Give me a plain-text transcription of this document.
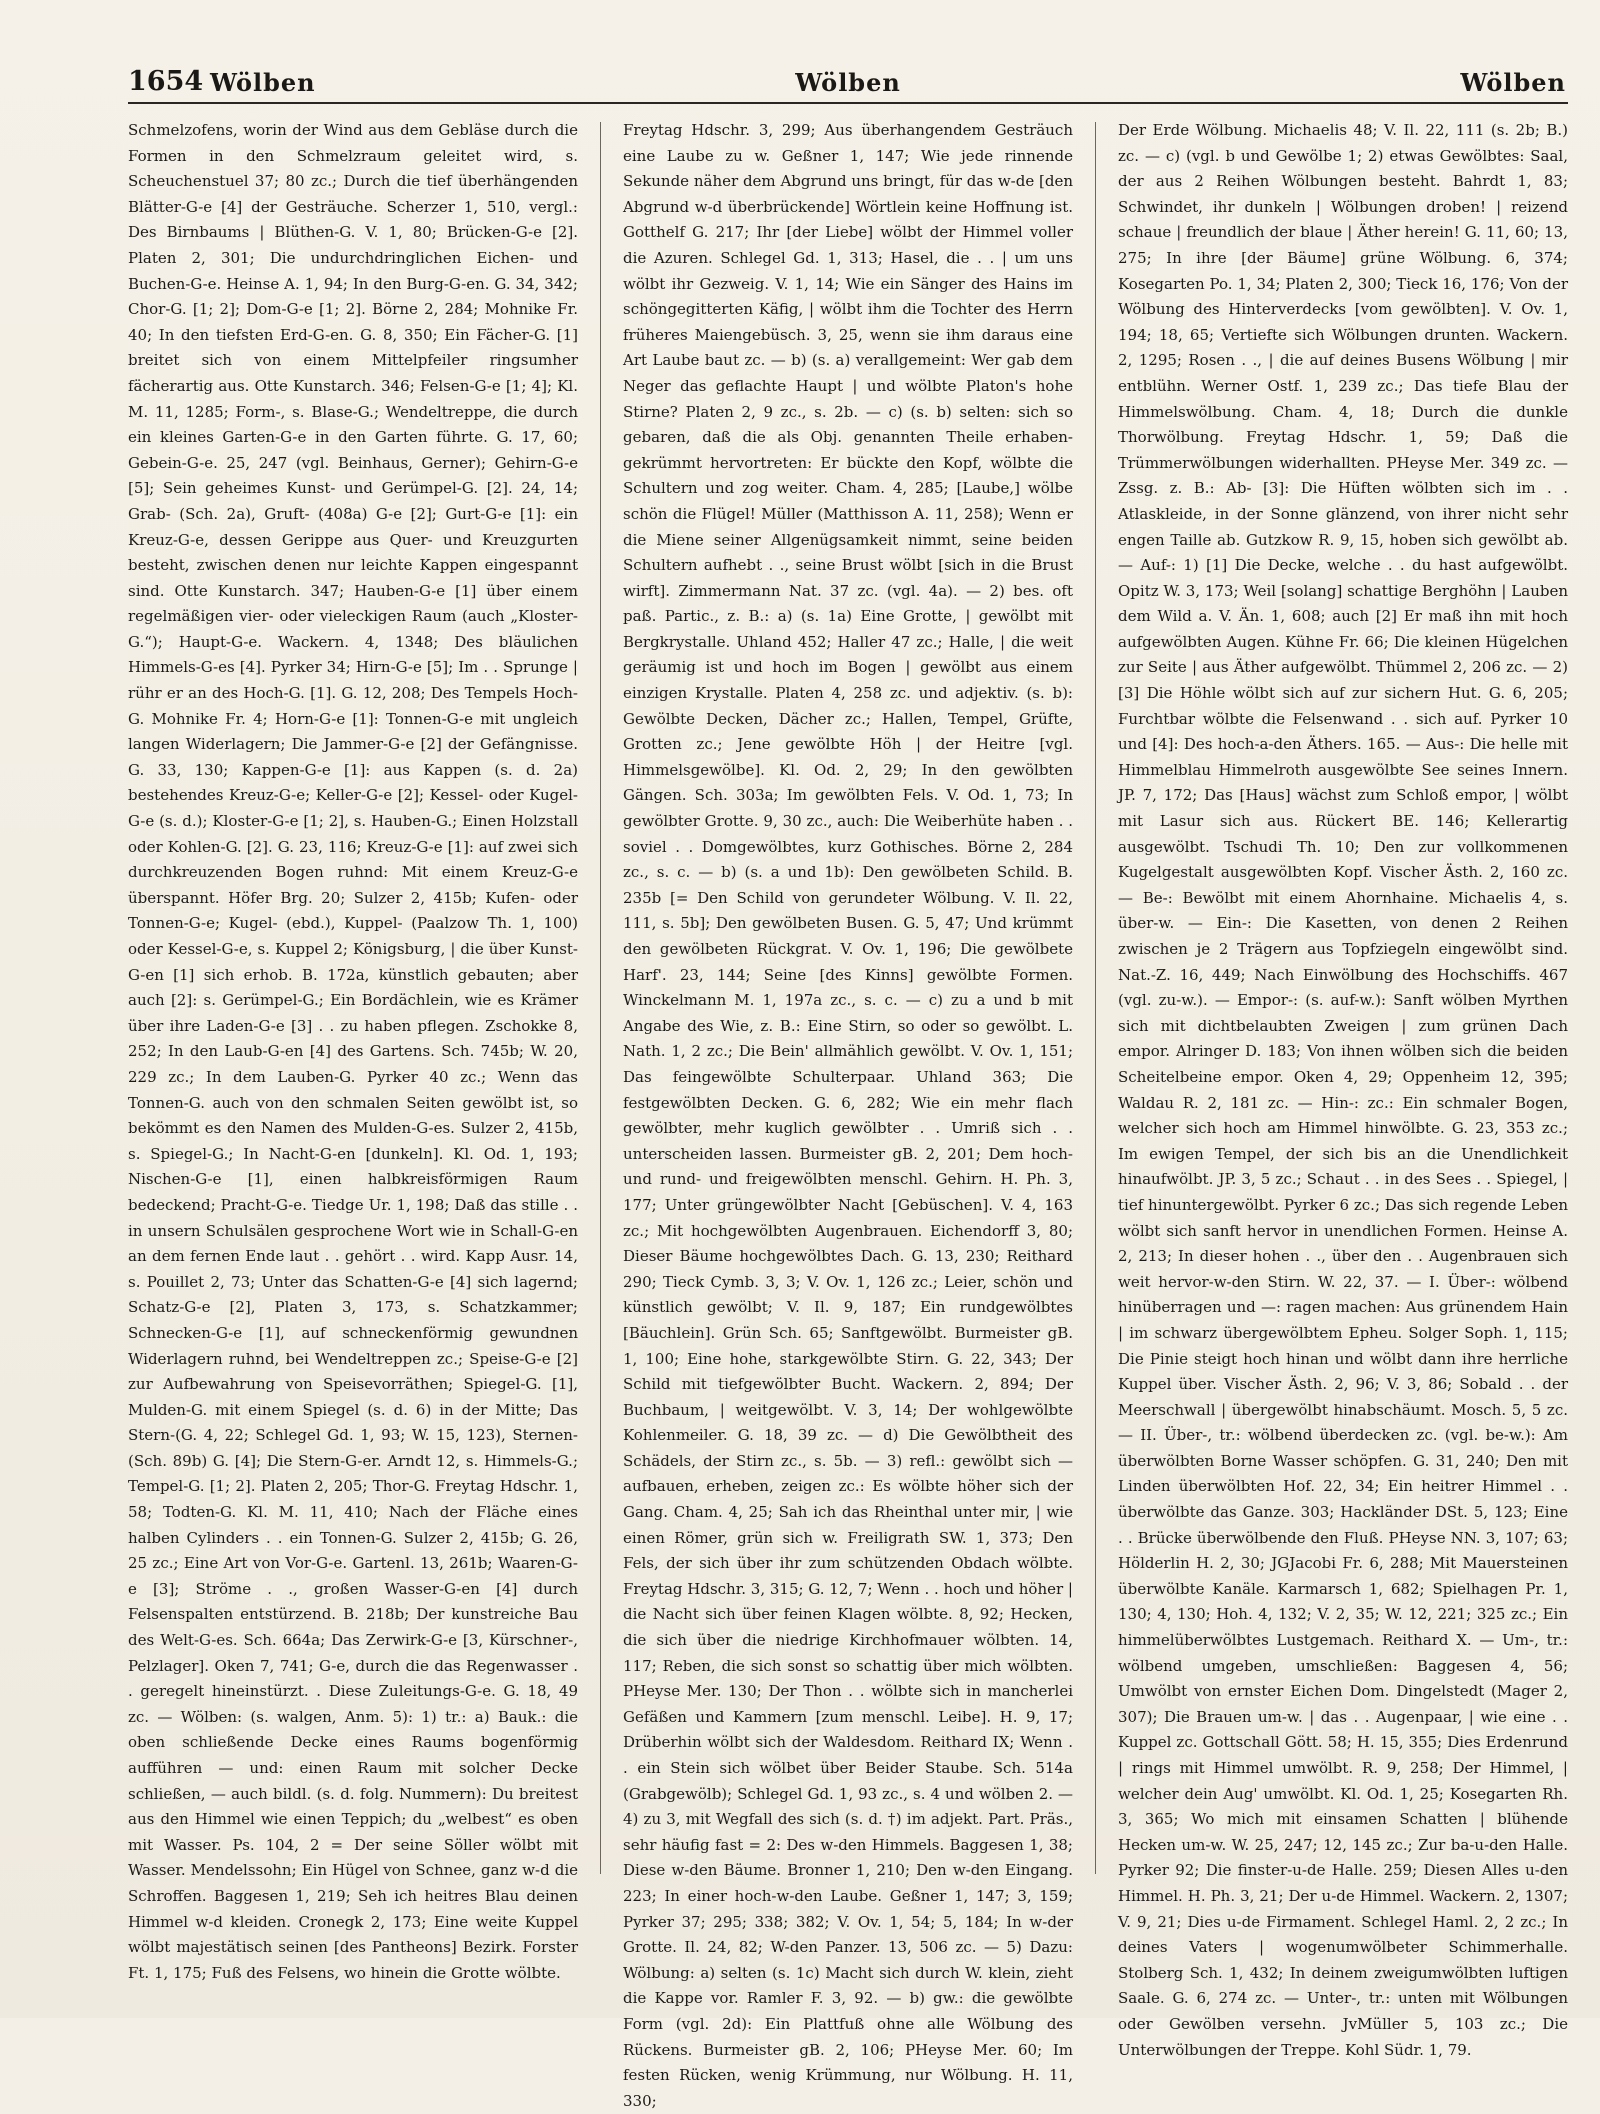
1654 Wölben	Wölben	Wölben

Schmelzofens, worin der Wind aus dem Gebläse durch die Formen in den Schmelzraum geleitet wird, s. Scheuchenstuel 37; 80 zc.; Durch die tief überhängenden Blätter-G-e [4] der Gesträuche. Scherzer 1, 510, vergl.: Des Birnbaums | Blüthen-G. V. 1, 80; Brücken-G-e [2]. Platen 2, 301; Die undurchdringlichen Eichen- und Buchen-G-e. Heinse A. 1, 94; In den Burg-G-en. G. 34, 342; Chor-G. [1; 2]; Dom-G-e [1; 2]. Börne 2, 284; Mohnike Fr. 40; In den tiefsten Erd-G-en. G. 8, 350; Ein Fächer-G. [1] breitet sich von einem Mittelpfeiler ringsumher fächerartig aus. Otte Kunstarch. 346; Felsen-G-e [1; 4]; Kl. M. 11, 1285; Form-, s. Blase-G.; Wendeltreppe, die durch ein kleines Garten-G-e in den Garten führte. G. 17, 60; Gebein-G-e. 25, 247 (vgl. Beinhaus, Gerner); Gehirn-G-e [5]; Sein geheimes Kunst- und Gerümpel-G. [2]. 24, 14; Grab- (Sch. 2a), Gruft- (408a) G-e [2]; Gurt-G-e [1]: ein Kreuz-G-e, dessen Gerippe aus Quer- und Kreuzgurten besteht, zwischen denen nur leichte Kappen eingespannt sind. Otte Kunstarch. 347; Hauben-G-e [1] über einem regelmäßigen vier- oder vieleckigen Raum (auch „Kloster-G.“); Haupt-G-e. Wackern. 4, 1348; Des bläulichen Himmels-G-es [4]. Pyrker 34; Hirn-G-e [5]; Im . . Sprunge | rühr er an des Hoch-G. [1]. G. 12, 208; Des Tempels Hoch-G. Mohnike Fr. 4; Horn-G-e [1]: Tonnen-G-e mit ungleich langen Widerlagern; Die Jammer-G-e [2] der Gefängnisse. G. 33, 130; Kappen-G-e [1]: aus Kappen (s. d. 2a) bestehendes Kreuz-G-e; Keller-G-e [2]; Kessel- oder Kugel-G-e (s. d.); Kloster-G-e [1; 2], s. Hauben-G.; Einen Holzstall oder Kohlen-G. [2]. G. 23, 116; Kreuz-G-e [1]: auf zwei sich durchkreuzenden Bogen ruhnd: Mit einem Kreuz-G-e überspannt. Höfer Brg. 20; Sulzer 2, 415b; Kufen- oder Tonnen-G-e; Kugel- (ebd.), Kuppel- (Paalzow Th. 1, 100) oder Kessel-G-e, s. Kuppel 2; Königsburg, | die über Kunst-G-en [1] sich erhob. B. 172a, künstlich gebauten; aber auch [2]: s. Gerümpel-G.; Ein Bordächlein, wie es Krämer über ihre Laden-G-e [3] . . zu haben pflegen. Zschokke 8, 252; In den Laub-G-en [4] des Gartens. Sch. 745b; W. 20, 229 zc.; In dem Lauben-G. Pyrker 40 zc.; Wenn das Tonnen-G. auch von den schmalen Seiten gewölbt ist, so bekömmt es den Namen des Mulden-G-es. Sulzer 2, 415b, s. Spiegel-G.; In Nacht-G-en [dunkeln]. Kl. Od. 1, 193; Nischen-G-e [1], einen halbkreisförmigen Raum bedeckend; Pracht-G-e. Tiedge Ur. 1, 198; Daß das stille . . in unsern Schulsälen gesprochene Wort wie in Schall-G-en an dem fernen Ende laut . . gehört . . wird. Kapp Ausr. 14, s. Pouillet 2, 73; Unter das Schatten-G-e [4] sich lagernd; Schatz-G-e [2], Platen 3, 173, s. Schatzkammer; Schnecken-G-e [1], auf schneckenförmig gewundnen Widerlagern ruhnd, bei Wendeltreppen zc.; Speise-G-e [2] zur Aufbewahrung von Speisevorräthen; Spiegel-G. [1], Mulden-G. mit einem Spiegel (s. d. 6) in der Mitte; Das Stern-(G. 4, 22; Schlegel Gd. 1, 93; W. 15, 123), Sternen-(Sch. 89b) G. [4]; Die Stern-G-er. Arndt 12, s. Himmels-G.; Tempel-G. [1; 2]. Platen 2, 205; Thor-G. Freytag Hdschr. 1, 58; Todten-G. Kl. M. 11, 410; Nach der Fläche eines halben Cylinders . . ein Tonnen-G. Sulzer 2, 415b; G. 26, 25 zc.; Eine Art von Vor-G-e. Gartenl. 13, 261b; Waaren-G-e [3]; Ströme . ., großen Wasser-G-en [4] durch Felsenspalten entstürzend. B. 218b; Der kunstreiche Bau des Welt-G-es. Sch. 664a; Das Zerwirk-G-e [3, Kürschner-, Pelzlager]. Oken 7, 741; G-e, durch die das Regenwasser . . geregelt hineinstürzt. . Diese Zuleitungs-G-e. G. 18, 49 zc. — Wölben: (s. walgen, Anm. 5): 1) tr.: a) Bauk.: die oben schließende Decke eines Raums bogenförmig aufführen — und: einen Raum mit solcher Decke schließen, — auch bildl. (s. d. folg. Nummern): Du breitest aus den Himmel wie einen Teppich; du „welbest“ es oben mit Wasser. Ps. 104, 2 = Der seine Söller wölbt mit Wasser. Mendelssohn; Ein Hügel von Schnee, ganz w-d die Schroffen. Baggesen 1, 219; Seh ich heitres Blau deinen Himmel w-d kleiden. Cronegk 2, 173; Eine weite Kuppel wölbt majestätisch seinen [des Pantheons] Bezirk. Forster Ft. 1, 175; Fuß des Felsens, wo hinein die Grotte wölbte.

Freytag Hdschr. 3, 299; Aus überhangendem Gesträuch eine Laube zu w. Geßner 1, 147; Wie jede rinnende Sekunde näher dem Abgrund uns bringt, für das w-de [den Abgrund w-d überbrückende] Wörtlein keine Hoffnung ist. Gotthelf G. 217; Ihr [der Liebe] wölbt der Himmel voller die Azuren. Schlegel Gd. 1, 313; Hasel, die . . | um uns wölbt ihr Gezweig. V. 1, 14; Wie ein Sänger des Hains im schöngegitterten Käfig, | wölbt ihm die Tochter des Herrn früheres Maiengebüsch. 3, 25, wenn sie ihm daraus eine Art Laube baut zc. — b) (s. a) verallgemeint: Wer gab dem Neger das geflachte Haupt | und wölbte Platon's hohe Stirne? Platen 2, 9 zc., s. 2b. — c) (s. b) selten: sich so gebaren, daß die als Obj. genannten Theile erhaben-gekrümmt hervortreten: Er bückte den Kopf, wölbte die Schultern und zog weiter. Cham. 4, 285; [Laube,] wölbe schön die Flügel! Müller (Matthisson A. 11, 258); Wenn er die Miene seiner Allgenügsamkeit nimmt, seine beiden Schultern aufhebt . ., seine Brust wölbt [sich in die Brust wirft]. Zimmermann Nat. 37 zc. (vgl. 4a). — 2) bes. oft paß. Partic., z. B.: a) (s. 1a) Eine Grotte, | gewölbt mit Bergkrystalle. Uhland 452; Haller 47 zc.; Halle, | die weit geräumig ist und hoch im Bogen | gewölbt aus einem einzigen Krystalle. Platen 4, 258 zc. und adjektiv. (s. b): Gewölbte Decken, Dächer zc.; Hallen, Tempel, Grüfte, Grotten zc.; Jene gewölbte Höh | der Heitre [vgl. Himmelsgewölbe]. Kl. Od. 2, 29; In den gewölbten Gängen. Sch. 303a; Im gewölbten Fels. V. Od. 1, 73; In gewölbter Grotte. 9, 30 zc., auch: Die Weiberhüte haben . . soviel . . Domgewölbtes, kurz Gothisches. Börne 2, 284 zc., s. c. — b) (s. a und 1b): Den gewölbeten Schild. B. 235b [= Den Schild von gerundeter Wölbung. V. Il. 22, 111, s. 5b]; Den gewölbeten Busen. G. 5, 47; Und krümmt den gewölbeten Rückgrat. V. Ov. 1, 196; Die gewölbete Harf'. 23, 144; Seine [des Kinns] gewölbte Formen. Winckelmann M. 1, 197a zc., s. c. — c) zu a und b mit Angabe des Wie, z. B.: Eine Stirn, so oder so gewölbt. L. Nath. 1, 2 zc.; Die Bein' allmählich gewölbt. V. Ov. 1, 151; Das feingewölbte Schulterpaar. Uhland 363; Die festgewölbten Decken. G. 6, 282; Wie ein mehr flach gewölbter, mehr kuglich gewölbter . . Umriß sich . . unterscheiden lassen. Burmeister gB. 2, 201; Dem hoch- und rund- und freigewölbten menschl. Gehirn. H. Ph. 3, 177; Unter grüngewölbter Nacht [Gebüschen]. V. 4, 163 zc.; Mit hochgewölbten Augenbrauen. Eichendorff 3, 80; Dieser Bäume hochgewölbtes Dach. G. 13, 230; Reithard 290; Tieck Cymb. 3, 3; V. Ov. 1, 126 zc.; Leier, schön und künstlich gewölbt; V. Il. 9, 187; Ein rundgewölbtes [Bäuchlein]. Grün Sch. 65; Sanftgewölbt. Burmeister gB. 1, 100; Eine hohe, starkgewölbte Stirn. G. 22, 343; Der Schild mit tiefgewölbter Bucht. Wackern. 2, 894; Der Buchbaum, | weitgewölbt. V. 3, 14; Der wohlgewölbte Kohlenmeiler. G. 18, 39 zc. — d) Die Gewölbtheit des Schädels, der Stirn zc., s. 5b. — 3) refl.: gewölbt sich — aufbauen, erheben, zeigen zc.: Es wölbte höher sich der Gang. Cham. 4, 25; Sah ich das Rheinthal unter mir, | wie einen Römer, grün sich w. Freiligrath SW. 1, 373; Den Fels, der sich über ihr zum schützenden Obdach wölbte. Freytag Hdschr. 3, 315; G. 12, 7; Wenn . . hoch und höher | die Nacht sich über feinen Klagen wölbte. 8, 92; Hecken, die sich über die niedrige Kirchhofmauer wölbten. 14, 117; Reben, die sich sonst so schattig über mich wölbten. PHeyse Mer. 130; Der Thon . . wölbte sich in mancherlei Gefäßen und Kammern [zum menschl. Leibe]. H. 9, 17; Drüberhin wölbt sich der Waldesdom. Reithard IX; Wenn . . ein Stein sich wölbet über Beider Staube. Sch. 514a (Grabgewölb); Schlegel Gd. 1, 93 zc., s. 4 und wölben 2. — 4) zu 3, mit Wegfall des sich (s. d. †) im adjekt. Part. Präs., sehr häufig fast = 2: Des w-den Himmels. Baggesen 1, 38; Diese w-den Bäume. Bronner 1, 210; Den w-den Eingang. 223; In einer hoch-w-den Laube. Geßner 1, 147; 3, 159; Pyrker 37; 295; 338; 382; V. Ov. 1, 54; 5, 184; In w-der Grotte. Il. 24, 82; W-den Panzer. 13, 506 zc. — 5) Dazu: Wölbung: a) selten (s. 1c) Macht sich durch W. klein, zieht die Kappe vor. Ramler F. 3, 92. — b) gw.: die gewölbte Form (vgl. 2d): Ein Plattfuß ohne alle Wölbung des Rückens. Burmeister gB. 2, 106; PHeyse Mer. 60; Im festen Rücken, wenig Krümmung, nur Wölbung. H. 11, 330;

Der Erde Wölbung. Michaelis 48; V. Il. 22, 111 (s. 2b; B.) zc. — c) (vgl. b und Gewölbe 1; 2) etwas Gewölbtes: Saal, der aus 2 Reihen Wölbungen besteht. Bahrdt 1, 83; Schwindet, ihr dunkeln | Wölbungen droben! | reizend schaue | freundlich der blaue | Äther herein! G. 11, 60; 13, 275; In ihre [der Bäume] grüne Wölbung. 6, 374; Kosegarten Po. 1, 34; Platen 2, 300; Tieck 16, 176; Von der Wölbung des Hinterverdecks [vom gewölbten]. V. Ov. 1, 194; 18, 65; Vertiefte sich Wölbungen drunten. Wackern. 2, 1295; Rosen . ., | die auf deines Busens Wölbung | mir entblühn. Werner Ostf. 1, 239 zc.; Das tiefe Blau der Himmelswölbung. Cham. 4, 18; Durch die dunkle Thorwölbung. Freytag Hdschr. 1, 59; Daß die Trümmerwölbungen widerhallten. PHeyse Mer. 349 zc. — Zssg. z. B.: Ab- [3]: Die Hüften wölbten sich im . . Atlaskleide, in der Sonne glänzend, von ihrer nicht sehr engen Taille ab. Gutzkow R. 9, 15, hoben sich gewölbt ab. — Auf-: 1) [1] Die Decke, welche . . du hast aufgewölbt. Opitz W. 3, 173; Weil [solang] schattige Berghöhn | Lauben dem Wild a. V. Än. 1, 608; auch [2] Er maß ihn mit hoch aufgewölbten Augen. Kühne Fr. 66; Die kleinen Hügelchen zur Seite | aus Äther aufgewölbt. Thümmel 2, 206 zc. — 2) [3] Die Höhle wölbt sich auf zur sichern Hut. G. 6, 205; Furchtbar wölbte die Felsenwand . . sich auf. Pyrker 10 und [4]: Des hoch-a-den Äthers. 165. — Aus-: Die helle mit Himmelblau Himmelroth ausgewölbte See seines Innern. JP. 7, 172; Das [Haus] wächst zum Schloß empor, | wölbt mit Lasur sich aus. Rückert BE. 146; Kellerartig ausgewölbt. Tschudi Th. 10; Den zur vollkommenen Kugelgestalt ausgewölbten Kopf. Vischer Ästh. 2, 160 zc. — Be-: Bewölbt mit einem Ahornhaine. Michaelis 4, s. über-w. — Ein-: Die Kasetten, von denen 2 Reihen zwischen je 2 Trägern aus Topfziegeln eingewölbt sind. Nat.-Z. 16, 449; Nach Einwölbung des Hochschiffs. 467 (vgl. zu-w.). — Empor-: (s. auf-w.): Sanft wölben Myrthen sich mit dichtbelaubten Zweigen | zum grünen Dach empor. Alringer D. 183; Von ihnen wölben sich die beiden Scheitelbeine empor. Oken 4, 29; Oppenheim 12, 395; Waldau R. 2, 181 zc. — Hin-: zc.: Ein schmaler Bogen, welcher sich hoch am Himmel hinwölbte. G. 23, 353 zc.; Im ewigen Tempel, der sich bis an die Unendlichkeit hinaufwölbt. JP. 3, 5 zc.; Schaut . . in des Sees . . Spiegel, | tief hinuntergewölbt. Pyrker 6 zc.; Das sich regende Leben wölbt sich sanft hervor in unendlichen Formen. Heinse A. 2, 213; In dieser hohen . ., über den . . Augenbrauen sich weit hervor-w-den Stirn. W. 22, 37. — I. Über-: wölbend hinüberragen und —: ragen machen: Aus grünendem Hain | im schwarz übergewölbtem Epheu. Solger Soph. 1, 115; Die Pinie steigt hoch hinan und wölbt dann ihre herrliche Kuppel über. Vischer Ästh. 2, 96; V. 3, 86; Sobald . . der Meerschwall | übergewölbt hinabschäumt. Mosch. 5, 5 zc. — II. Über-, tr.: wölbend überdecken zc. (vgl. be-w.): Am überwölbten Borne Wasser schöpfen. G. 31, 240; Den mit Linden überwölbten Hof. 22, 34; Ein heitrer Himmel . . überwölbte das Ganze. 303; Hackländer DSt. 5, 123; Eine . . Brücke überwölbende den Fluß. PHeyse NN. 3, 107; 63; Hölderlin H. 2, 30; JGJacobi Fr. 6, 288; Mit Mauersteinen überwölbte Kanäle. Karmarsch 1, 682; Spielhagen Pr. 1, 130; 4, 130; Hoh. 4, 132; V. 2, 35; W. 12, 221; 325 zc.; Ein himmelüberwölbtes Lustgemach. Reithard X. — Um-, tr.: wölbend umgeben, umschließen: Baggesen 4, 56; Umwölbt von ernster Eichen Dom. Dingelstedt (Mager 2, 307); Die Brauen um-w. | das . . Augenpaar, | wie eine . . Kuppel zc. Gottschall Gött. 58; H. 15, 355; Dies Erdenrund | rings mit Himmel umwölbt. R. 9, 258; Der Himmel, | welcher dein Aug' umwölbt. Kl. Od. 1, 25; Kosegarten Rh. 3, 365; Wo mich mit einsamen Schatten | blühende Hecken um-w. W. 25, 247; 12, 145 zc.; Zur ba-u-den Halle. Pyrker 92; Die finster-u-de Halle. 259; Diesen Alles u-den Himmel. H. Ph. 3, 21; Der u-de Himmel. Wackern. 2, 1307; V. 9, 21; Dies u-de Firmament. Schlegel Haml. 2, 2 zc.; In deines Vaters | wogenumwölbeter Schimmerhalle. Stolberg Sch. 1, 432; In deinem zweigumwölbten luftigen Saale. G. 6, 274 zc. — Unter-, tr.: unten mit Wölbungen oder Gewölben versehn. JvMüller 5, 103 zc.; Die Unterwölbungen der Treppe. Kohl Südr. 1, 79.
